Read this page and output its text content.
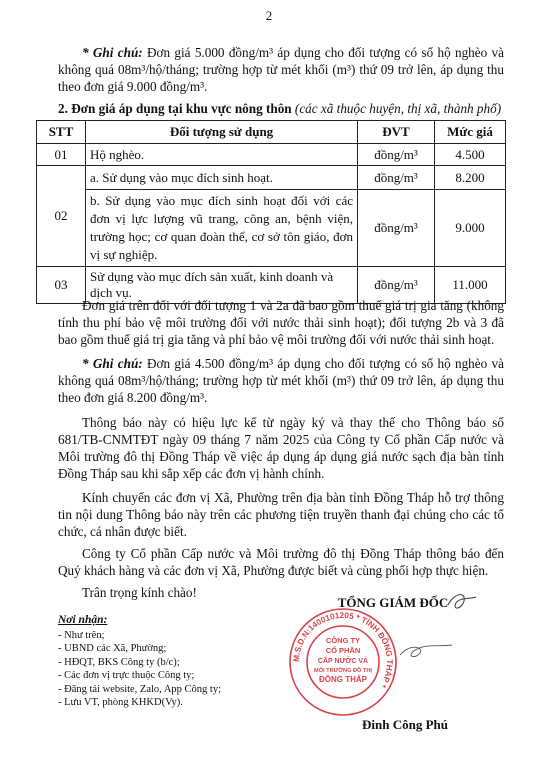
2

* Ghi chú: Đơn giá 5.000 đồng/m³ áp dụng cho đối tượng có sổ hộ nghèo và không quá 08m³/hộ/tháng; trường hợp từ mét khối (m³) thứ 09 trở lên, áp dụng thu theo đơn giá 9.000 đồng/m³.

2. Đơn giá áp dụng tại khu vực nông thôn (các xã thuộc huyện, thị xã, thành phố)
STT	Đối tượng sử dụng	ĐVT	Mức giá
01	Hộ nghèo.	đồng/m³	4.500
02	a. Sử dụng vào mục đích sinh hoạt.	đồng/m³	8.200
	b. Sử dụng vào mục đích sinh hoạt đối với các đơn vị lực lượng vũ trang, công an, bệnh viện, trường học; cơ quan đoàn thể, cơ sở tôn giáo, đơn vị sự nghiệp.	đồng/m³	9.000
03	Sử dụng vào mục đích sản xuất, kinh doanh và dịch vụ.	đồng/m³	11.000

Đơn giá trên đối với đối tượng 1 và 2a đã bao gồm thuế giá trị gia tăng (không tính thu phí bảo vệ môi trường đối với nước thải sinh hoạt); đối tượng 2b và 3 đã bao gồm thuế giá trị gia tăng và phí bảo vệ môi trường đối với nước thải sinh hoạt.

* Ghi chú: Đơn giá 4.500 đồng/m³ áp dụng cho đối tượng có sổ hộ nghèo và không quá 08m³/hộ/tháng; trường hợp từ mét khối (m³) thứ 09 trở lên, áp dụng thu theo đơn giá 8.200 đồng/m³.

Thông báo này có hiệu lực kể từ ngày ký và thay thế cho Thông báo số 681/TB-CNMTĐT ngày 09 tháng 7 năm 2025 của Công ty Cổ phần Cấp nước và Môi trường đô thị Đồng Tháp về việc áp dụng áp dụng giá nước sạch địa bàn tỉnh Đồng Tháp sau khi sắp xếp các đơn vị hành chính.

Kính chuyển các đơn vị Xã, Phường trên địa bàn tỉnh Đồng Tháp hỗ trợ thông tin nội dung Thông báo này trên các phương tiện truyền thanh đại chúng cho các tổ chức, cá nhân được biết.

Công ty Cổ phần Cấp nước và Môi trường đô thị Đồng Tháp thông báo đến Quý khách hàng và các đơn vị Xã, Phường được biết và cùng phối hợp thực hiện.

Trân trọng kính chào!

Nơi nhận:
- Như trên;
- UBND các Xã, Phường;
- HĐQT, BKS Công ty (b/c);
- Các đơn vị trực thuộc Công ty;
- Đăng tải website, Zalo, App Công ty;
- Lưu VT, phòng KHKD(Vy).
TỔNG GIÁM ĐỐC
M.S.D.N:1400101205 * TỈNH ĐỒNG THÁP *
CÔNG TY
CỔ PHẦN
CẤP NƯỚC VÀ
MÔI TRƯỜNG ĐÔ THỊ
ĐỒNG THÁP
Đinh Công Phú
